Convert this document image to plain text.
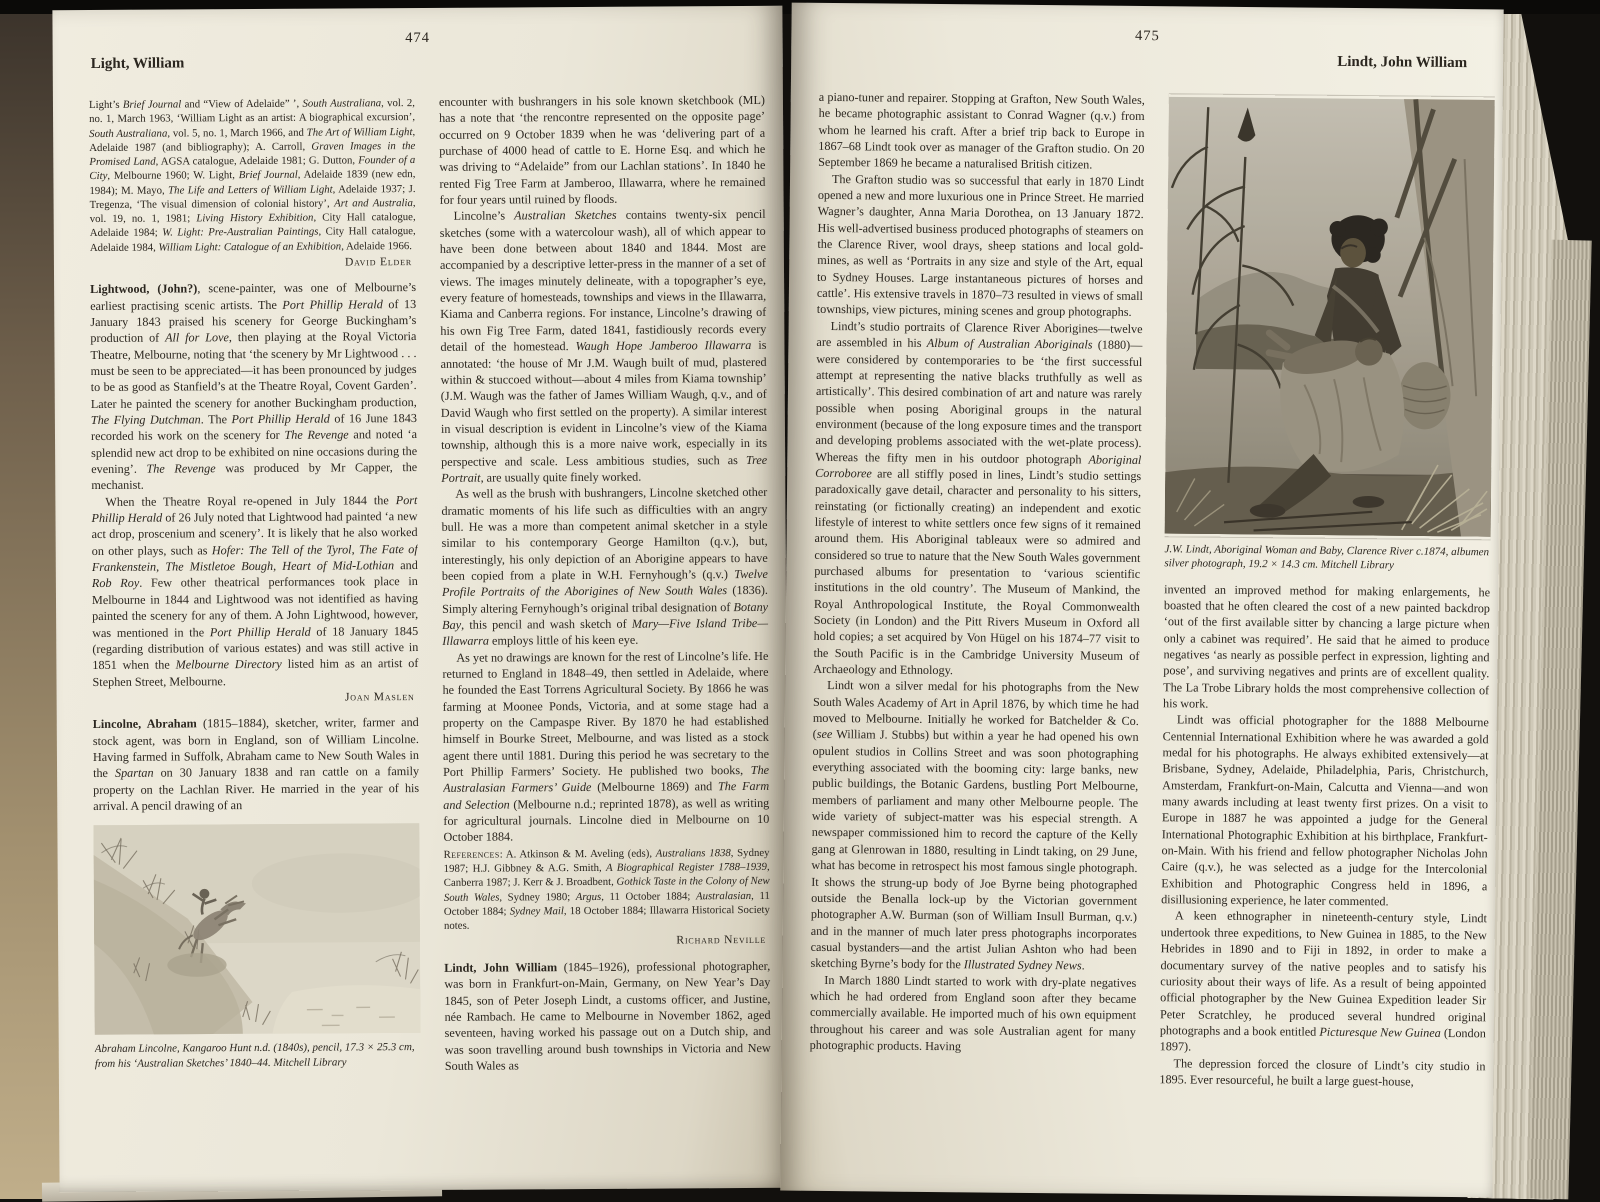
474
Light, William

Light’s Brief Journal and “View of Adelaide” ’, South Australiana, vol. 2, no. 1, March 1963, ‘William Light as an artist: A biographical excursion’, South Australiana, vol. 5, no. 1, March 1966, and The Art of William Light, Adelaide 1987 (and bibliography); A. Carroll, Graven Images in the Promised Land, AGSA catalogue, Adelaide 1981; G. Dutton, Founder of a City, Melbourne 1960; W. Light, Brief Journal, Adelaide 1839 (new edn, 1984); M. Mayo, The Life and Letters of William Light, Adelaide 1937; J. Tregenza, ‘The visual dimension of colonial history’, Art and Australia, vol. 19, no. 1, 1981; Living History Exhibition, City Hall catalogue, Adelaide 1984; W. Light: Pre-Australian Paintings, City Hall catalogue, Adelaide 1984, William Light: Catalogue of an Exhibition, Adelaide 1966.

David Elder

Lightwood, (John?), scene-painter, was one of Melbourne’s earliest practising scenic artists. The Port Phillip Herald of 13 January 1843 praised his scenery for George Buckingham’s production of All for Love, then playing at the Royal Victoria Theatre, Melbourne, noting that ‘the scenery by Mr Lightwood . . . must be seen to be appreciated—it has been pronounced by judges to be as good as Stanfield’s at the Theatre Royal, Covent Garden’. Later he painted the scenery for another Buckingham production, The Flying Dutchman. The Port Phillip Herald of 16 June 1843 recorded his work on the scenery for The Revenge and noted ‘a splendid new act drop to be exhibited on nine occasions during the evening’. The Revenge was produced by Mr Capper, the mechanist.

When the Theatre Royal re-opened in July 1844 the Port Phillip Herald of 26 July noted that Lightwood had painted ‘a new act drop, proscenium and scenery’. It is likely that he also worked on other plays, such as Hofer: The Tell of the Tyrol, The Fate of Frankenstein, The Mistletoe Bough, Heart of Mid-Lothian and Rob Roy. Few other theatrical performances took place in Melbourne in 1844 and Lightwood was not identified as having painted the scenery for any of them. A John Lightwood, however, was mentioned in the Port Phillip Herald of 18 January 1845 (regarding distribution of various estates) and was still active in 1851 when the Melbourne Directory listed him as an artist of Stephen Street, Melbourne.

Joan Maslen

Lincolne, Abraham (1815–1884), sketcher, writer, farmer and stock agent, was born in England, son of William Lincolne. Having farmed in Suffolk, Abraham came to New South Wales in the Spartan on 30 January 1838 and ran cattle on a family property on the Lachlan River. He married in the year of his arrival. A pencil drawing of an

Abraham Lincolne, Kangaroo Hunt n.d. (1840s), pencil, 17.3 × 25.3 cm, from his ‘Australian Sketches’ 1840–44. Mitchell Library

encounter with bushrangers in his sole known sketchbook (ML) has a note that ‘the rencontre represented on the opposite page’ occurred on 9 October 1839 when he was ‘delivering part of a purchase of 4000 head of cattle to E. Horne Esq. and which he was driving to “Adelaide” from our Lachlan stations’. In 1840 he rented Fig Tree Farm at Jamberoo, Illawarra, where he remained for four years until ruined by floods.

Lincolne’s Australian Sketches contains twenty-six pencil sketches (some with a watercolour wash), all of which appear to have been done between about 1840 and 1844. Most are accompanied by a descriptive letter-press in the manner of a set of views. The images minutely delineate, with a topographer’s eye, every feature of homesteads, townships and views in the Illawarra, Kiama and Canberra regions. For instance, Lincolne’s drawing of his own Fig Tree Farm, dated 1841, fastidiously records every detail of the homestead. Waugh Hope Jamberoo Illawarra is annotated: ‘the house of Mr J.M. Waugh built of mud, plastered within & stuccoed without—about 4 miles from Kiama township’ (J.M. Waugh was the father of James William Waugh, q.v., and of David Waugh who first settled on the property). A similar interest in visual description is evident in Lincolne’s view of the Kiama township, although this is a more naive work, especially in its perspective and scale. Less ambitious studies, such as Tree Portrait, are usually quite finely worked.

As well as the brush with bushrangers, Lincolne sketched other dramatic moments of his life such as difficulties with an angry bull. He was a more than competent animal sketcher in a style similar to his contemporary George Hamilton (q.v.), but, interestingly, his only depiction of an Aborigine appears to have been copied from a plate in W.H. Fernyhough’s (q.v.) Twelve Profile Portraits of the Aborigines of New South Wales (1836). Simply altering Fernyhough’s original tribal designation of Botany Bay, this pencil and wash sketch of Mary—Five Island Tribe—Illawarra employs little of his keen eye.

As yet no drawings are known for the rest of Lincolne’s life. He returned to England in 1848–49, then settled in Adelaide, where he founded the East Torrens Agricultural Society. By 1866 he was farming at Moonee Ponds, Victoria, and at some stage had a property on the Campaspe River. By 1870 he had established himself in Bourke Street, Melbourne, and was listed as a stock agent there until 1881. During this period he was secretary to the Port Phillip Farmers’ Society. He published two books, The Australasian Farmers’ Guide (Melbourne 1869) and The Farm and Selection (Melbourne n.d.; reprinted 1878), as well as writing for agricultural journals. Lincolne died in Melbourne on 10 October 1884.

References: A. Atkinson & M. Aveling (eds), Australians 1838, Sydney 1987; H.J. Gibbney & A.G. Smith, A Biographical Register 1788–1939, Canberra 1987; J. Kerr & J. Broadbent, Gothick Taste in the Colony of New South Wales, Sydney 1980; Argus, 11 October 1884; Australasian, 11 October 1884; Sydney Mail, 18 October 1884; Illawarra Historical Society notes.

Richard Neville

Lindt, John William (1845–1926), professional photographer, was born in Frankfurt-on-Main, Germany, on New Year’s Day 1845, son of Peter Joseph Lindt, a customs officer, and Justine, née Rambach. He came to Melbourne in November 1862, aged seventeen, having worked his passage out on a Dutch ship, and was soon travelling around bush townships in Victoria and New South Wales as

475
Lindt, John William

a piano-tuner and repairer. Stopping at Grafton, New South Wales, he became photographic assistant to Conrad Wagner (q.v.) from whom he learned his craft. After a brief trip back to Europe in 1867–68 Lindt took over as manager of the Grafton studio. On 20 September 1869 he became a naturalised British citizen.

The Grafton studio was so successful that early in 1870 Lindt opened a new and more luxurious one in Prince Street. He married Wagner’s daughter, Anna Maria Dorothea, on 13 January 1872. His well-advertised business produced photographs of steamers on the Clarence River, wool drays, sheep stations and local gold-mines, as well as ‘Portraits in any size and style of the Art, equal to Sydney Houses. Large instantaneous pictures of horses and cattle’. His extensive travels in 1870–73 resulted in views of small townships, view pictures, mining scenes and group photographs.

Lindt’s studio portraits of Clarence River Aborigines—twelve are assembled in his Album of Australian Aboriginals (1880)—were considered by contemporaries to be ‘the first successful attempt at representing the native blacks truthfully as well as artistically’. This desired combination of art and nature was rarely possible when posing Aboriginal groups in the natural environment (because of the long exposure times and the transport and developing problems associated with the wet-plate process). Whereas the fifty men in his outdoor photograph Aboriginal Corroboree are all stiffly posed in lines, Lindt’s studio settings paradoxically gave detail, character and personality to his sitters, reinstating (or fictionally creating) an independent and exotic lifestyle of interest to white settlers once few signs of it remained around them. His Aboriginal tableaux were so admired and considered so true to nature that the New South Wales government purchased albums for presentation to ‘various scientific institutions in the old country’. The Museum of Mankind, the Royal Anthropological Institute, the Royal Commonwealth Society (in London) and the Pitt Rivers Museum in Oxford all hold copies; a set acquired by Von Hügel on his 1874–77 visit to the South Pacific is in the Cambridge University Museum of Archaeology and Ethnology.

Lindt won a silver medal for his photographs from the New South Wales Academy of Art in April 1876, by which time he had moved to Melbourne. Initially he worked for Batchelder & Co. (see William J. Stubbs) but within a year he had opened his own opulent studios in Collins Street and was soon photographing everything associated with the booming city: large banks, new public buildings, the Botanic Gardens, bustling Port Melbourne, members of parliament and many other Melbourne people. The wide variety of subject-matter was his especial strength. A newspaper commissioned him to record the capture of the Kelly gang at Glenrowan in 1880, resulting in Lindt taking, on 29 June, what has become in retrospect his most famous single photograph. It shows the strung-up body of Joe Byrne being photographed outside the Benalla lock-up by the Victorian government photographer A.W. Burman (son of William Insull Burman, q.v.) and in the manner of much later press photographs incorporates casual bystanders—and the artist Julian Ashton who had been sketching Byrne’s body for the Illustrated Sydney News.

In March 1880 Lindt started to work with dry-plate negatives which he had ordered from England soon after they became commercially available. He imported much of his own equipment throughout his career and was sole Australian agent for many photographic products. Having

J.W. Lindt, Aboriginal Woman and Baby, Clarence River c.1874, albumen silver photograph, 19.2 × 14.3 cm. Mitchell Library

invented an improved method for making enlargements, he boasted that he often cleared the cost of a new painted backdrop ‘out of the first available sitter by chancing a large picture when only a cabinet was required’. He said that he aimed to produce negatives ‘as nearly as possible perfect in expression, lighting and pose’, and surviving negatives and prints are of excellent quality. The La Trobe Library holds the most comprehensive collection of his work.

Lindt was official photographer for the 1888 Melbourne Centennial International Exhibition where he was awarded a gold medal for his photographs. He always exhibited extensively—at Brisbane, Sydney, Adelaide, Philadelphia, Paris, Christchurch, Amsterdam, Frankfurt-on-Main, Calcutta and Vienna—and won many awards including at least twenty first prizes. On a visit to Europe in 1887 he was appointed a judge for the General International Photographic Exhibition at his birthplace, Frankfurt-on-Main. With his friend and fellow photographer Nicholas John Caire (q.v.), he was selected as a judge for the Intercolonial Exhibition and Photographic Congress held in 1896, a disillusioning experience, he later commented.

A keen ethnographer in nineteenth-century style, Lindt undertook three expeditions, to New Guinea in 1885, to the New Hebrides in 1890 and to Fiji in 1892, in order to make a documentary survey of the native peoples and to satisfy his curiosity about their ways of life. As a result of being appointed official photographer by the New Guinea Expedition leader Sir Peter Scratchley, he produced several hundred original photographs and a book entitled Picturesque New Guinea (London 1897).

The depression forced the closure of Lindt’s city studio in 1895. Ever resourceful, he built a large guest-house,
